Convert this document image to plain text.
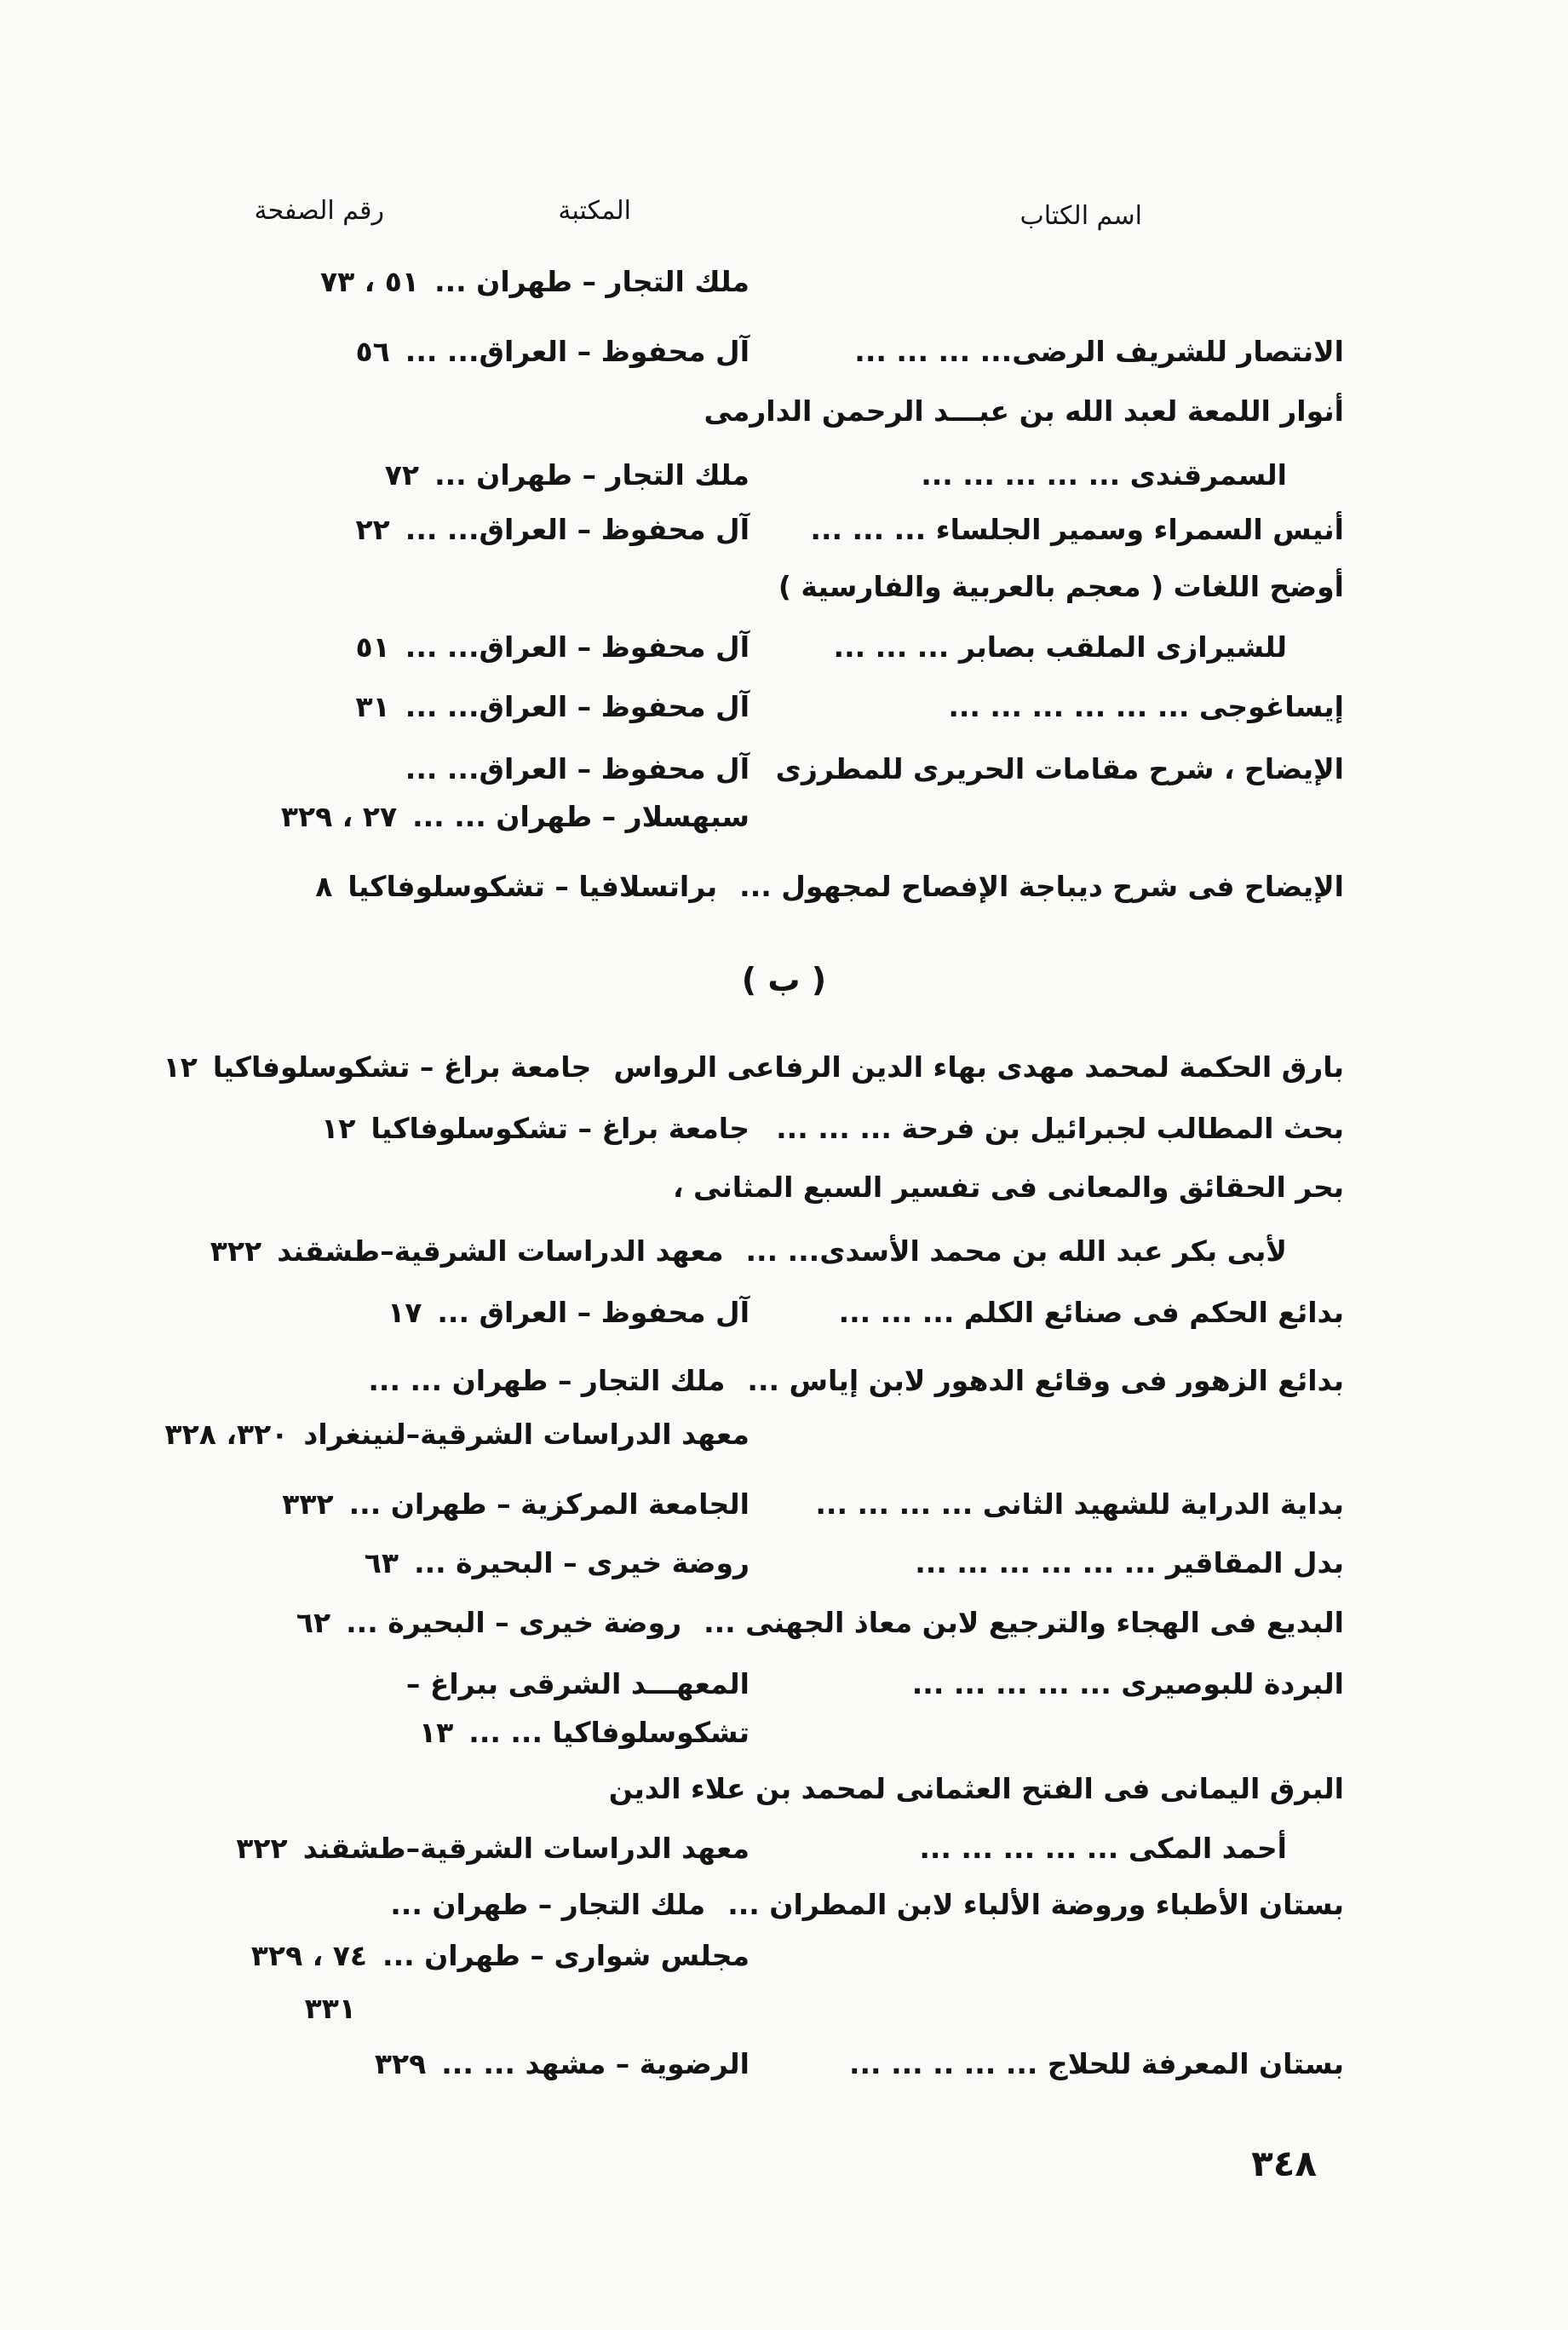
اسم الكتاب
المكتبة
رقم الصفحة
ملك التجار – طهران ...٥١ ، ٧٣
الانتصار للشريف الرضى... ... ... ...
آل محفوظ – العراق... ...٥٦
أنوار اللمعة لعبد الله بن عبـــد الرحمن الدارمى
السمرقندى ... ... ... ... ...
ملك التجار – طهران ...٧٢
أنيس السمراء وسمير الجلساء ... ... ...
آل محفوظ – العراق... ...٢٢
أوضح اللغات ( معجم بالعربية والفارسية )
للشيرازى الملقب بصابر ... ... ...
آل محفوظ – العراق... ...٥١
إيساغوجى ... ... ... ... ... ...
آل محفوظ – العراق... ...٣١
الإيضاح ، شرح مقامات الحريرى للمطرزى
آل محفوظ – العراق... ...
سبهسلار – طهران ... ...٢٧ ، ٣٢٩
الإيضاح فى شرح ديباجة الإفصاح لمجهول ...
براتسلافيا – تشكوسلوفاكيا٨
( ب )
بارق الحكمة لمحمد مهدى بهاء الدين الرفاعى الرواس
جامعة براغ – تشكوسلوفاكيا١٢
بحث المطالب لجبرائيل بن فرحة ... ... ...
جامعة براغ – تشكوسلوفاكيا١٢
بحر الحقائق والمعانى فى تفسير السبع المثانى ،
لأبى بكر عبد الله بن محمد الأسدى... ...
معهد الدراسات الشرقية–طشقند٣٢٢
بدائع الحكم فى صنائع الكلم ... ... ...
آل محفوظ – العراق ...١٧
بدائع الزهور فى وقائع الدهور لابن إياس ...
ملك التجار – طهران ... ...
معهد الدراسات الشرقية–لنينغراد٣٢٠، ٣٢٨
بداية الدراية للشهيد الثانى ... ... ... ...
الجامعة المركزية – طهران ...٣٣٢
بدل المقاقير ... ... ... ... ... ...
روضة خيرى – البحيرة ...٦٣
البديع فى الهجاء والترجيع لابن معاذ الجهنى ...
روضة خيرى – البحيرة ...٦٢
البردة للبوصيرى ... ... ... ... ...
المعهـــد الشرقى ببراغ –
تشكوسلوفاكيا ... ...١٣
البرق اليمانى فى الفتح العثمانى لمحمد بن علاء الدين
أحمد المكى ... ... ... ... ...
معهد الدراسات الشرقية–طشقند٣٢٢
بستان الأطباء وروضة الألباء لابن المطران ...
ملك التجار – طهران ...
مجلس شوارى – طهران ...٧٤ ، ٣٢٩
٣٣١
بستان المعرفة للحلاج ... ... .. ... ...
الرضوية – مشهد ... ...٣٢٩
٣٤٨
